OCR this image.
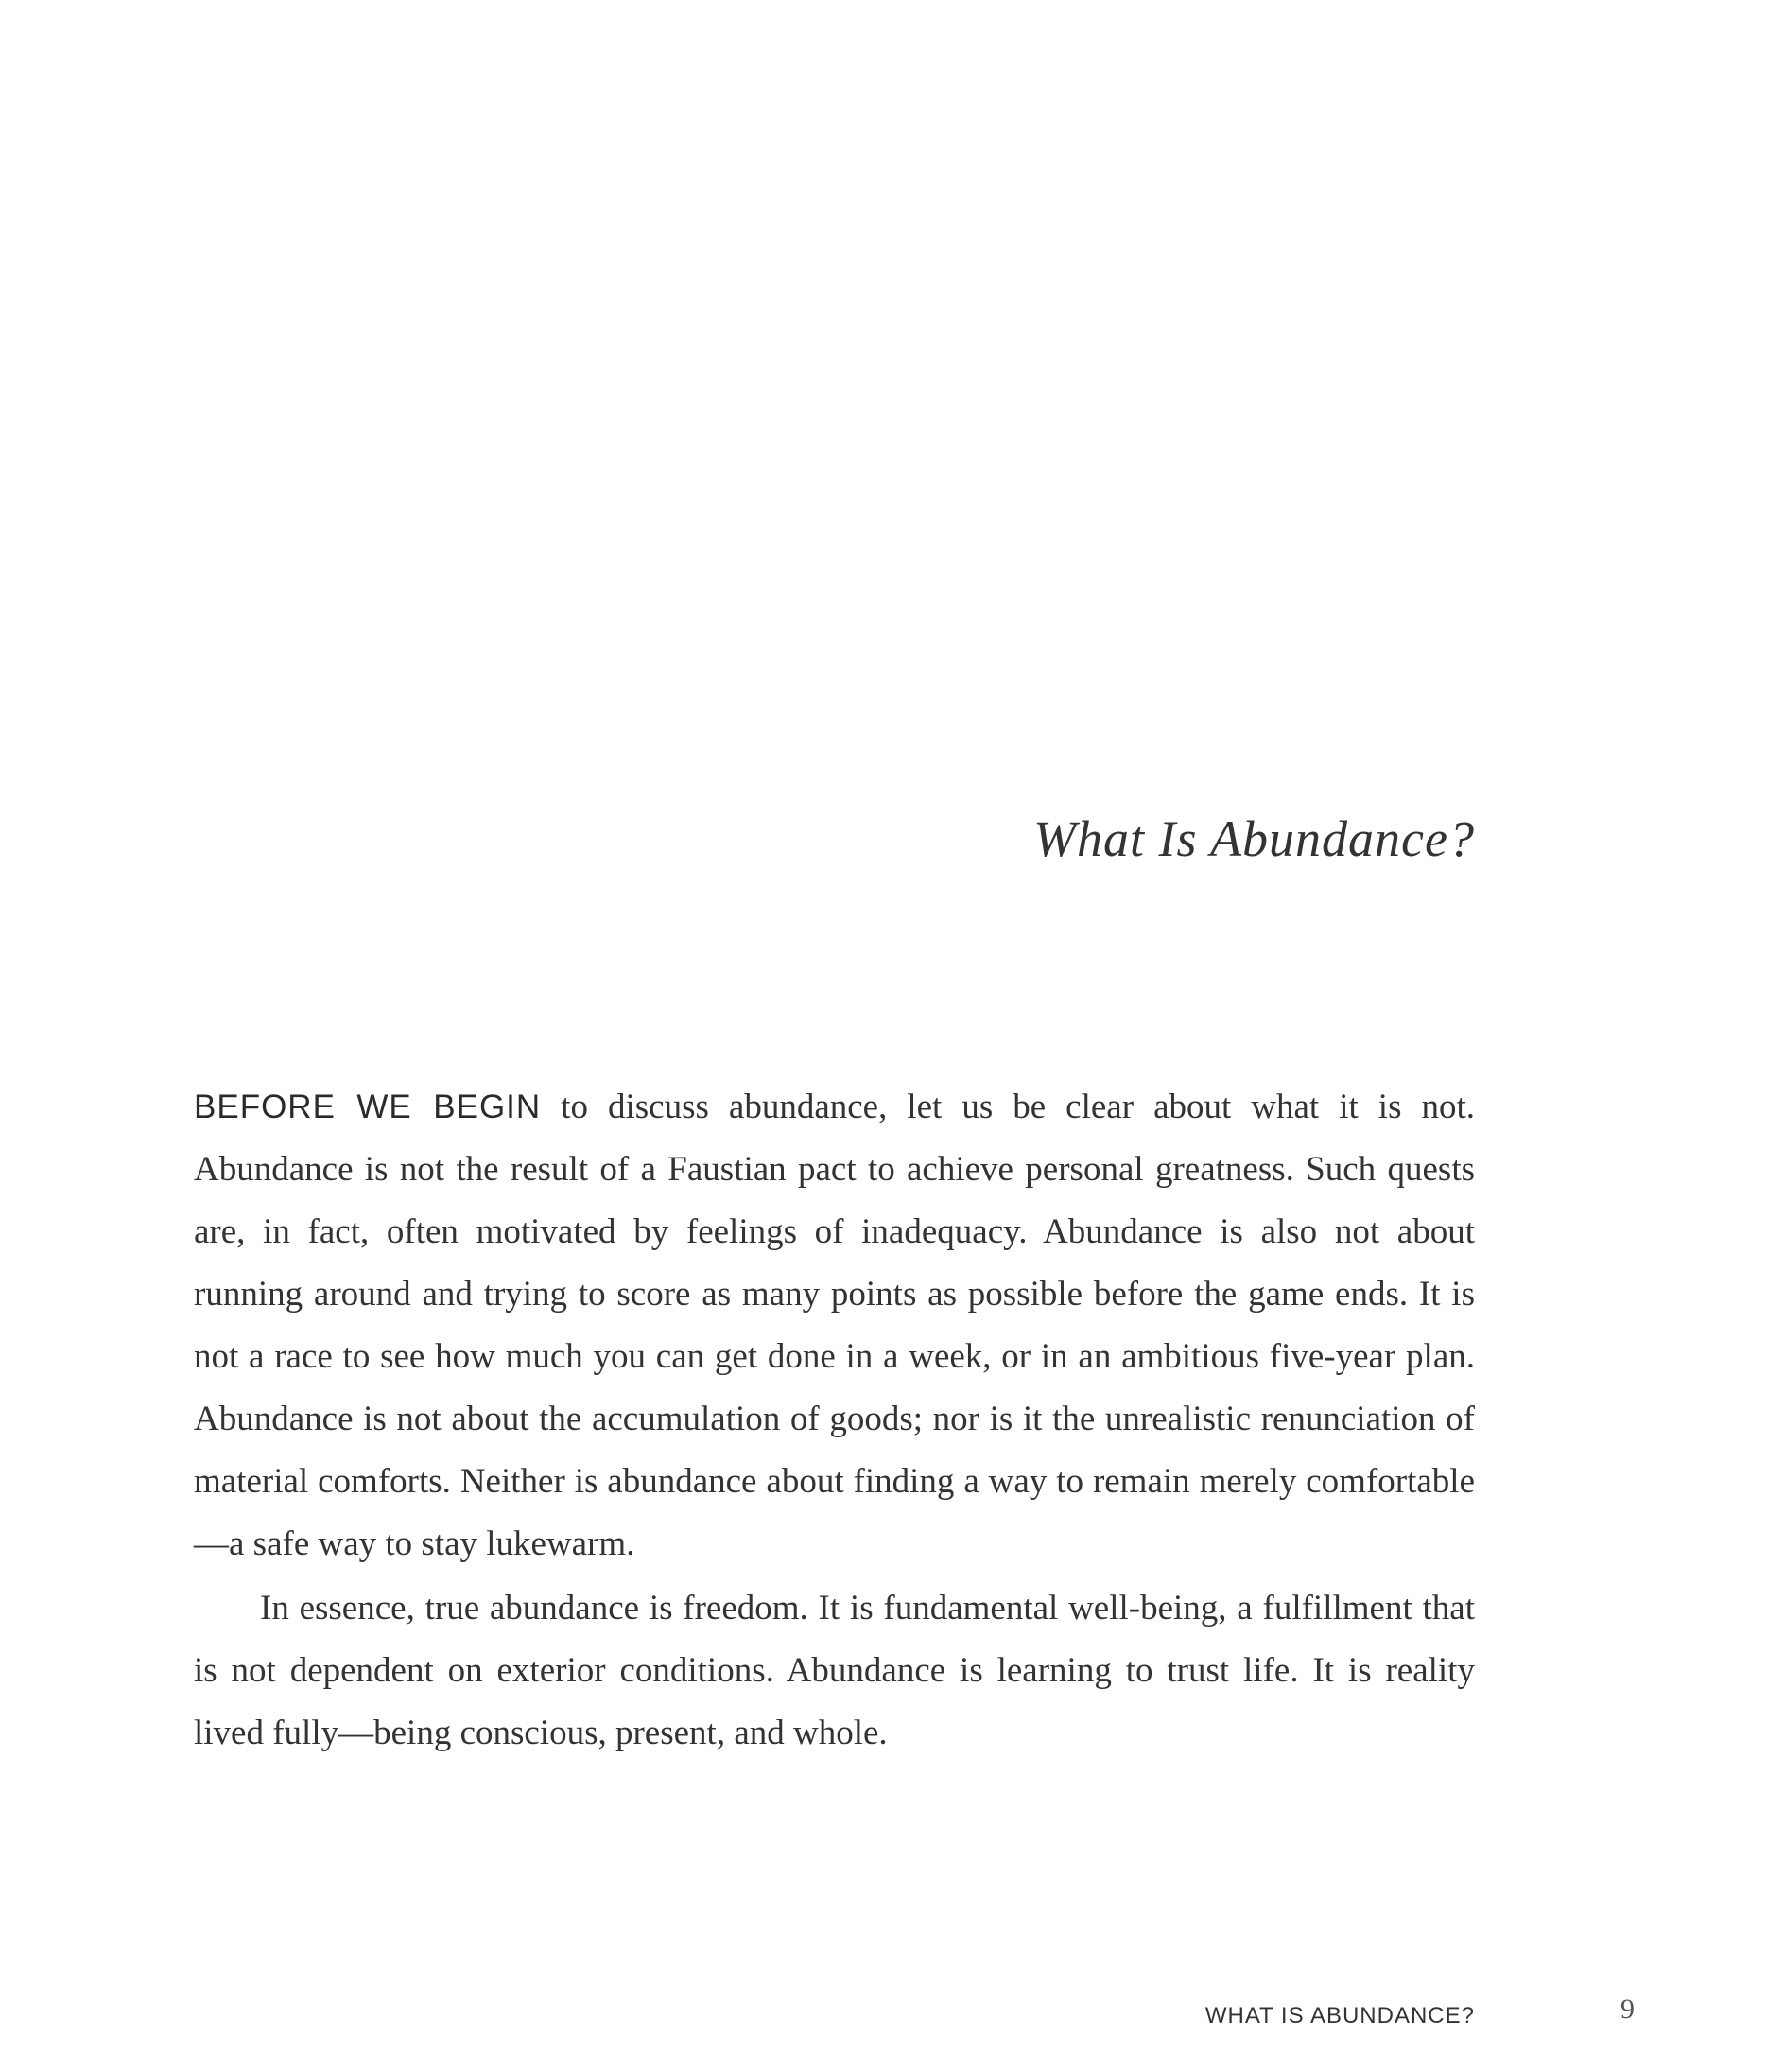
What Is Abundance?

BEFORE WE BEGIN to discuss abundance, let us be clear about what it is not. Abundance is not the result of a Faustian pact to achieve personal greatness. Such quests are, in fact, often motivated by feelings of inadequacy. Abundance is also not about running around and trying to score as many points as possible before the game ends. It is not a race to see how much you can get done in a week, or in an ambitious five-year plan. Abundance is not about the accumulation of goods; nor is it the unrealistic renunciation of material comforts. Neither is abundance about finding a way to remain merely comfortable—a safe way to stay lukewarm.

In essence, true abundance is freedom. It is fundamental well-being, a fulfillment that is not dependent on exterior conditions. Abundance is learning to trust life. It is reality lived fully—being conscious, present, and whole.

WHAT IS ABUNDANCE?	9
